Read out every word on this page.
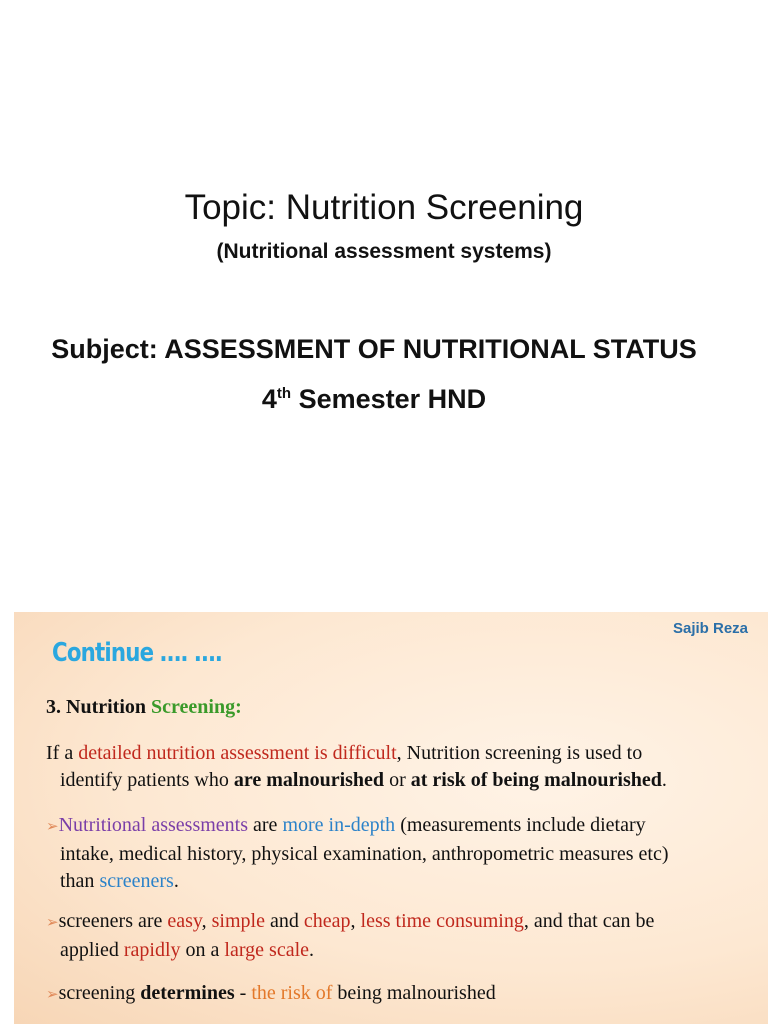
Topic: Nutrition Screening
(Nutritional assessment systems)
Subject: ASSESSMENT OF NUTRITIONAL STATUS
4th Semester HND
Sajib Reza
Continue …. ….
3. Nutrition Screening:
If a detailed nutrition assessment is difficult, Nutrition screening is used to
identify patients who are malnourished or at risk of being malnourished.
➢Nutritional assessments are more in-depth (measurements include dietary
intake, medical history, physical examination, anthropometric measures etc)
than screeners.
➢screeners are easy, simple and cheap, less time consuming, and that can be
applied rapidly on a large scale.
➢screening determines - the risk of being malnourished
